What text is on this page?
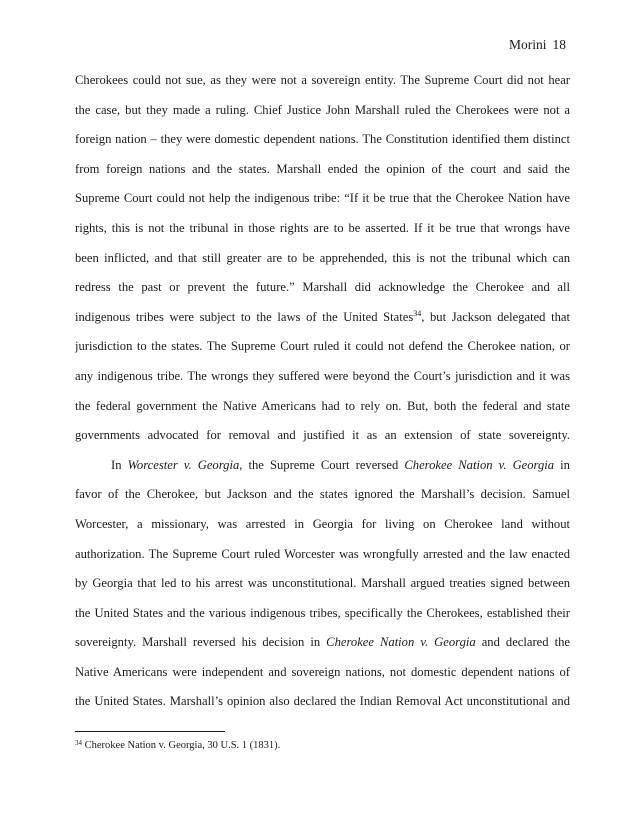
Morini 18
Cherokees could not sue, as they were not a sovereign entity. The Supreme Court did not hear
the case, but they made a ruling. Chief Justice John Marshall ruled the Cherokees were not a
foreign nation – they were domestic dependent nations. The Constitution identified them distinct
from foreign nations and the states. Marshall ended the opinion of the court and said the
Supreme Court could not help the indigenous tribe: “If it be true that the Cherokee Nation have
rights, this is not the tribunal in those rights are to be asserted. If it be true that wrongs have
been inflicted, and that still greater are to be apprehended, this is not the tribunal which can
redress the past or prevent the future.” Marshall did acknowledge the Cherokee and all
indigenous tribes were subject to the laws of the United States$^{34}$, but Jackson delegated that
jurisdiction to the states. The Supreme Court ruled it could not defend the Cherokee nation, or
any indigenous tribe. The wrongs they suffered were beyond the Court’s jurisdiction and it was
the federal government the Native Americans had to rely on. But, both the federal and state
governments advocated for removal and justified it as an extension of state sovereignty.
In Worcester v. Georgia, the Supreme Court reversed Cherokee Nation v. Georgia in
favor of the Cherokee, but Jackson and the states ignored the Marshall’s decision. Samuel
Worcester, a missionary, was arrested in Georgia for living on Cherokee land without
authorization. The Supreme Court ruled Worcester was wrongfully arrested and the law enacted
by Georgia that led to his arrest was unconstitutional. Marshall argued treaties signed between
the United States and the various indigenous tribes, specifically the Cherokees, established their
sovereignty. Marshall reversed his decision in Cherokee Nation v. Georgia and declared the
Native Americans were independent and sovereign nations, not domestic dependent nations of
the United States. Marshall’s opinion also declared the Indian Removal Act unconstitutional and
$^{34}$ Cherokee Nation v. Georgia, 30 U.S. 1 (1831).
